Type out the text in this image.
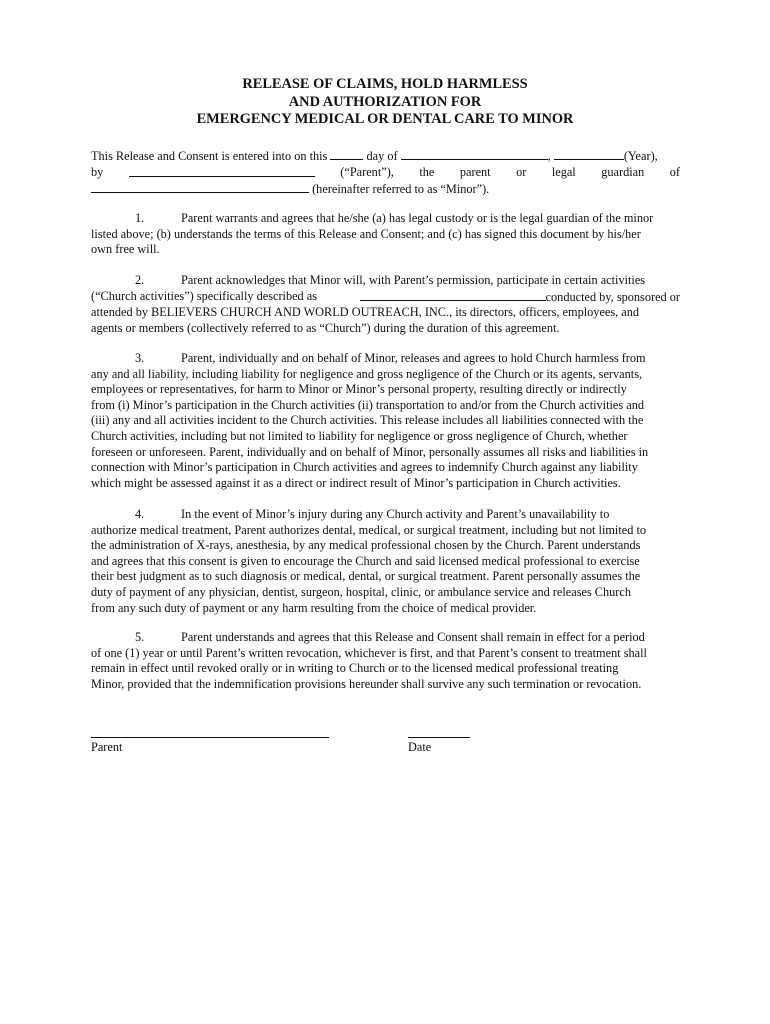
RELEASE OF CLAIMS, HOLD HARMLESS
AND AUTHORIZATION FOR
EMERGENCY MEDICAL OR DENTAL CARE TO MINOR
This Release and Consent is entered into on this	day of	,	(Year),
by	(“Parent”), the parent or legal guardian of
(hereinafter referred to as “Minor”).
1.	Parent warrants and agrees that he/she (a) has legal custody or is the legal guardian of the minor
listed above; (b) understands the terms of this Release and Consent; and (c) has signed this document by his/her
own free will.
2.	Parent acknowledges that Minor will, with Parent’s permission, participate in certain activities
(“Church activities”) specifically described as	conducted by, sponsored or
attended by BELIEVERS CHURCH AND WORLD OUTREACH, INC., its directors, officers, employees, and
agents or members (collectively referred to as “Church”) during the duration of this agreement.
3.	Parent, individually and on behalf of Minor, releases and agrees to hold Church harmless from
any and all liability, including liability for negligence and gross negligence of the Church or its agents, servants,
employees or representatives, for harm to Minor or Minor’s personal property, resulting directly or indirectly
from (i) Minor’s participation in the Church activities (ii) transportation to and/or from the Church activities and
(iii) any and all activities incident to the Church activities. This release includes all liabilities connected with the
Church activities, including but not limited to liability for negligence or gross negligence of Church, whether
foreseen or unforeseen. Parent, individually and on behalf of Minor, personally assumes all risks and liabilities in
connection with Minor’s participation in Church activities and agrees to indemnify Church against any liability
which might be assessed against it as a direct or indirect result of Minor’s participation in Church activities.
4.	In the event of Minor’s injury during any Church activity and Parent’s unavailability to
authorize medical treatment, Parent authorizes dental, medical, or surgical treatment, including but not limited to
the administration of X-rays, anesthesia, by any medical professional chosen by the Church. Parent understands
and agrees that this consent is given to encourage the Church and said licensed medical professional to exercise
their best judgment as to such diagnosis or medical, dental, or surgical treatment. Parent personally assumes the
duty of payment of any physician, dentist, surgeon, hospital, clinic, or ambulance service and releases Church
from any such duty of payment or any harm resulting from the choice of medical provider.
5.	Parent understands and agrees that this Release and Consent shall remain in effect for a period
of one (1) year or until Parent’s written revocation, whichever is first, and that Parent’s consent to treatment shall
remain in effect until revoked orally or in writing to Church or to the licensed medical professional treating
Minor, provided that the indemnification provisions hereunder shall survive any such termination or revocation.
Parent	Date
